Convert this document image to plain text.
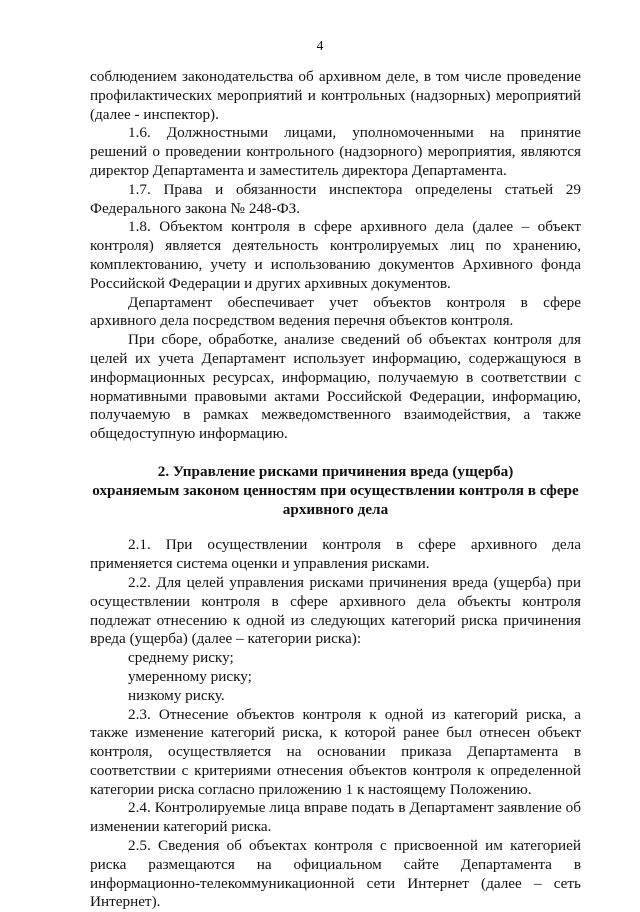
4

соблюдением законодательства об архивном деле, в том числе проведение профилактических мероприятий и контрольных (надзорных) мероприятий (далее - инспектор).

1.6. Должностными лицами, уполномоченными на принятие решений о проведении контрольного (надзорного) мероприятия, являются директор Департамента и заместитель директора Департамента.

1.7. Права и обязанности инспектора определены статьей 29 Федерального закона № 248-ФЗ.

1.8. Объектом контроля в сфере архивного дела (далее – объект контроля) является деятельность контролируемых лиц по хранению, комплектованию, учету и использованию документов Архивного фонда Российской Федерации и других архивных документов.

Департамент обеспечивает учет объектов контроля в сфере архивного дела посредством ведения перечня объектов контроля.

При сборе, обработке, анализе сведений об объектах контроля для целей их учета Департамент использует информацию, содержащуюся в информационных ресурсах, информацию, получаемую в соответствии с нормативными правовыми актами Российской Федерации, информацию, получаемую в рамках межведомственного взаимодействия, а также общедоступную информацию.

2. Управление рисками причинения вреда (ущерба)

охраняемым законом ценностям при осуществлении контроля в сфере

архивного дела

2.1. При осуществлении контроля в сфере архивного дела применяется система оценки и управления рисками.

2.2. Для целей управления рисками причинения вреда (ущерба) при осуществлении контроля в сфере архивного дела объекты контроля подлежат отнесению к одной из следующих категорий риска причинения вреда (ущерба) (далее – категории риска):

среднему риску;

умеренному риску;

низкому риску.

2.3. Отнесение объектов контроля к одной из категорий риска, а также изменение категорий риска, к которой ранее был отнесен объект контроля, осуществляется на основании приказа Департамента в соответствии с критериями отнесения объектов контроля к определенной категории риска согласно приложению 1 к настоящему Положению.

2.4. Контролируемые лица вправе подать в Департамент заявление об изменении категорий риска.

2.5. Сведения об объектах контроля с присвоенной им категорией риска размещаются на официальном сайте Департамента в информационно-телекоммуникационной сети Интернет (далее – сеть Интернет).
